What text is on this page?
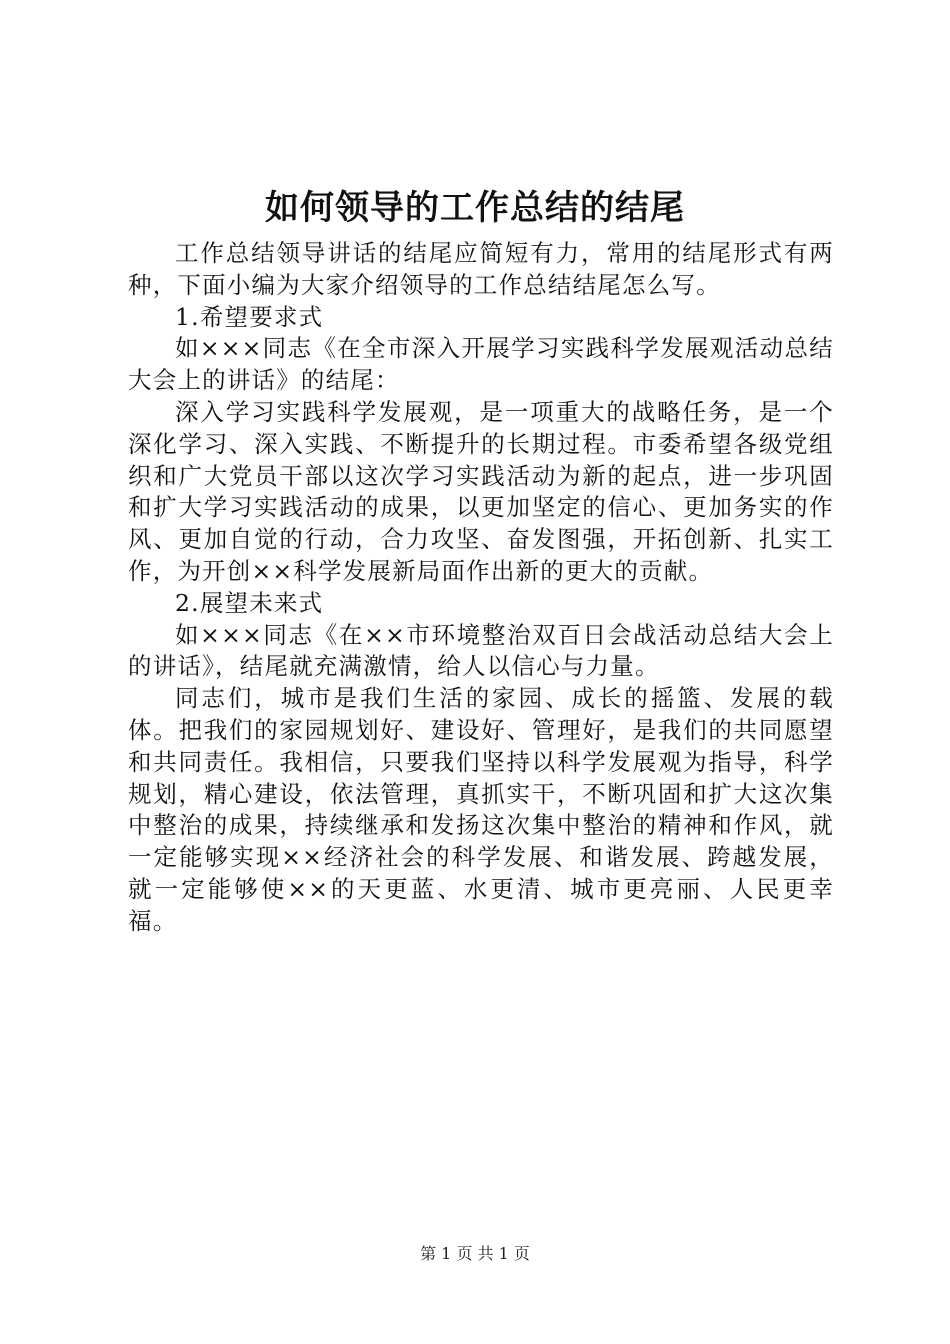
如何领导的工作总结的结尾

工作总结领导讲话的结尾应简短有力，常用的结尾形式有两种，下面小编为大家介绍领导的工作总结结尾怎么写。

1.希望要求式

如×××同志《在全市深入开展学习实践科学发展观活动总结大会上的讲话》的结尾：

深入学习实践科学发展观，是一项重大的战略任务，是一个深化学习、深入实践、不断提升的长期过程。市委希望各级党组织和广大党员干部以这次学习实践活动为新的起点，进一步巩固和扩大学习实践活动的成果，以更加坚定的信心、更加务实的作风、更加自觉的行动，合力攻坚、奋发图强，开拓创新、扎实工作，为开创××科学发展新局面作出新的更大的贡献。

2.展望未来式

如×××同志《在××市环境整治双百日会战活动总结大会上的讲话》，结尾就充满激情，给人以信心与力量。

同志们，城市是我们生活的家园、成长的摇篮、发展的载体。把我们的家园规划好、建设好、管理好，是我们的共同愿望和共同责任。我相信，只要我们坚持以科学发展观为指导，科学规划，精心建设，依法管理，真抓实干，不断巩固和扩大这次集中整治的成果，持续继承和发扬这次集中整治的精神和作风，就一定能够实现××经济社会的科学发展、和谐发展、跨越发展，就一定能够使××的天更蓝、水更清、城市更亮丽、人民更幸福。

第 1 页 共 1 页
